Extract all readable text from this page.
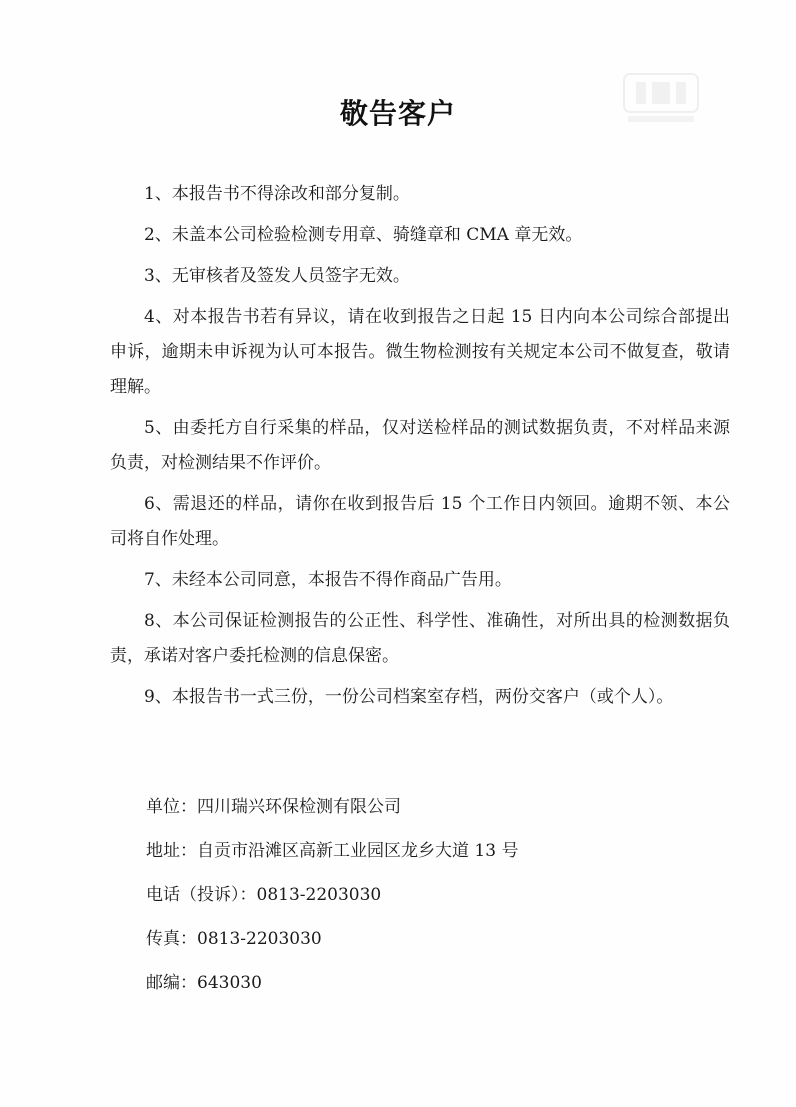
敬告客户

1、本报告书不得涂改和部分复制。

2、未盖本公司检验检测专用章、骑缝章和 CMA 章无效。

3、无审核者及签发人员签字无效。

4、对本报告书若有异议，请在收到报告之日起 15 日内向本公司综合部提出申诉，逾期未申诉视为认可本报告。微生物检测按有关规定本公司不做复查，敬请理解。

5、由委托方自行采集的样品，仅对送检样品的测试数据负责，不对样品来源负责，对检测结果不作评价。

6、需退还的样品，请你在收到报告后 15 个工作日内领回。逾期不领、本公司将自作处理。

7、未经本公司同意，本报告不得作商品广告用。

8、本公司保证检测报告的公正性、科学性、准确性，对所出具的检测数据负责，承诺对客户委托检测的信息保密。

9、本报告书一式三份，一份公司档案室存档，两份交客户（或个人）。

单位：四川瑞兴环保检测有限公司
地址：自贡市沿滩区高新工业园区龙乡大道 13 号
电话（投诉）：0813-2203030
传真：0813-2203030
邮编：643030
